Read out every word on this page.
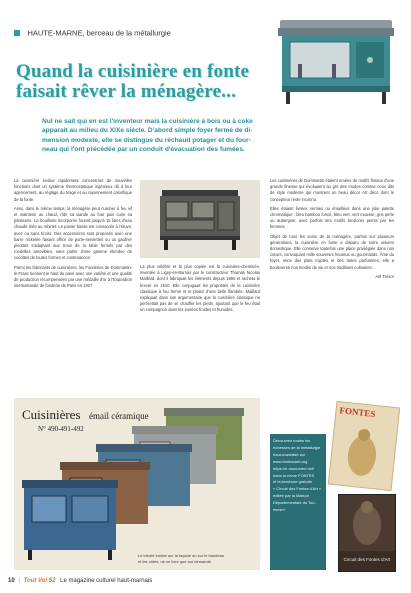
HAUTE-MARNE, berceau de la métallurgie
Quand la cuisinière en fonte
faisait rêver la ménagère...

Nul ne sait qui en est l'inventeur mais la cuisinière à bois ou à coke

apparaît au milieu du XIXe siècle. D'abord simple foyer fermé de di-

mension modeste, elle se distingue du réchaud potager et du four-

neau qui l'ont précédée par un conduit d'évacuation des fumées.

La cuisinière évolue rapidement concentrant de nouvelles fonctions dont un système thermostatique ingénieux dû à leur agencement, au réglage du tirage et au rayonnement calorifique de la fonte.

Ainsi, dans le même temps, la ménagère peut cuisiner à feu vif et maintenir au chaud, rôtir sa viande au four puis cuire sa pâtisserie. La bouilloire incorporée fournit jusqu'à 15 litres d'eau chaude tirée au robinet. Le panier basse est consacrée à l'étuve; avec ou sans tiroirs. Des accessoires sont proposés avec une barre nickelée faisant office de porte-serviettes ou un gaufrier pivotant s'adaptant aux trous de la table fermés par des rondelles amovibles, sans parler d'une gamme étendue de cocottes de toutes formes et contenances.

Parmi les fabricants de cuisinières, les Fonderies de Dommartin-le-Franc tiennent le haut du pavé avec une variété et une qualité de production récompensées par une médaille d'or à l'Exposition internationale de fonderie de Paris en 1927.

La plus célèbre et la plus copiée est la cuisinière-cheminée, inventée à Ligny-en-Barrois par le constructeur Thomas Nicolas Maillard, dont il fabriquait les éléments depuis 1890 et racheta le brevet en 1910. Elle conjuguait les propriétés de la cuisinière classique à feu fermé et le plaisir d'une belle flambée. Maillard expliquait dans son argumentaire que la cuisinière classique ne permettait pas de se chauffer les pieds, ajoutant que le feu était un compagnon dans les soirées froides et humides.

Les cuisinières de Dommartin étaient ornées de motifs floraux d'une grande finesse qui évoluaient au gré des modes comme ceux dits de style moderne qui montrent un beau décor Art déco dont le concepteur reste inconnu.

Elles étaient livrées vernies ou émaillées dans une jolie palette chromatique : bleu bambou foncé, bleu vert, vert mousse, gris perle ou aubergine, avec parfois des motifs bicolores peints par les femmes.

Objet de tous les soins de la ménagère, parfois sur plusieurs générations, la cuisinière en fonte a disparu de notre univers domestique. Elle conserve toutefois une place privilégiée dans nos cœurs, convoquant mille souvenirs heureux ou gourmands. Âme du foyer, reine des plats mijotés et des tartes parfumées, elle a bouleversé nos modes de vie et nos traditions culinaires.

Aël Trésor

Cuisinières émail céramique
N° 490-491-492
Le bleuté incliné sur la façade ou sur le bandeau
et les côtés, ne se livre que sur demande.

Découvrez toutes les

richesses de la métallurgie

haut-marnaise sur

www.fontesdart.org

https://e-monumen.net/

dans la revue FONTES

et la brochure gratuite

« Circuit des Fontes d'Art »

éditée par la Maison

Départementale du Tou-

risme».

FONTES
Circuit des Fontes d'Art
10 | Tout Vol 52 Le magazine culturel haut-marnais
